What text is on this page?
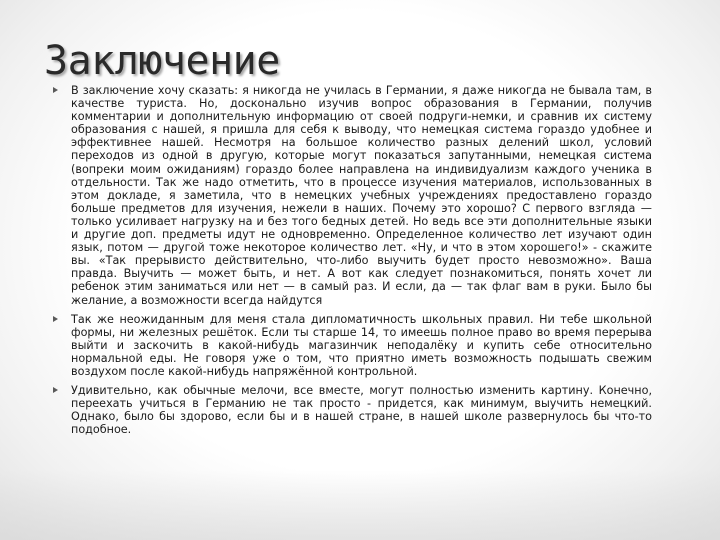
Заключение
В заключение хочу сказать: я никогда не училась в Германии, я даже никогда не бывала там, в качестве туриста. Но, досконально изучив вопрос образования в Германии, получив комментарии и дополнительную информацию от своей подруги-немки, и сравнив их систему образования с нашей, я пришла для себя к выводу, что немецкая система гораздо удобнее и эффективнее нашей. Несмотря на большое количество разных делений школ, условий переходов из одной в другую, которые могут показаться запутанными, немецкая система (вопреки моим ожиданиям) гораздо более направлена на индивидуализм каждого ученика в отдельности. Так же надо отметить, что в процессе изучения материалов, использованных в этом докладе, я заметила, что в немецких учебных учреждениях предоставлено гораздо больше предметов для изучения, нежели в наших. Почему это хорошо? С первого взгляда — только усиливает нагрузку на и без того бедных детей. Но ведь все эти дополнительные языки и другие доп. предметы идут не одновременно. Определенное количество лет изучают один язык, потом — другой тоже некоторое количество лет. «Ну, и что в этом хорошего!» - скажите вы. «Так прерывисто действительно, что-либо выучить будет просто невозможно». Ваша правда. Выучить — может быть, и нет. А вот как следует познакомиться, понять хочет ли ребенок этим заниматься или нет — в самый раз. И если, да — так флаг вам в руки. Было бы желание, а возможности всегда найдутся
Так же неожиданным для меня стала дипломатичность школьных правил. Ни тебе школьной формы, ни железных решёток. Если ты старше 14, то имеешь полное право во время перерыва выйти и заскочить в какой-нибудь магазинчик неподалёку и купить себе относительно нормальной еды. Не говоря уже о том, что приятно иметь возможность подышать свежим воздухом после какой-нибудь напряжённой контрольной.
Удивительно, как обычные мелочи, все вместе, могут полностью изменить картину. Конечно, переехать учиться в Германию не так просто - придется, как минимум, выучить немецкий. Однако, было бы здорово, если бы и в нашей стране, в нашей школе развернулось бы что-то подобное.
